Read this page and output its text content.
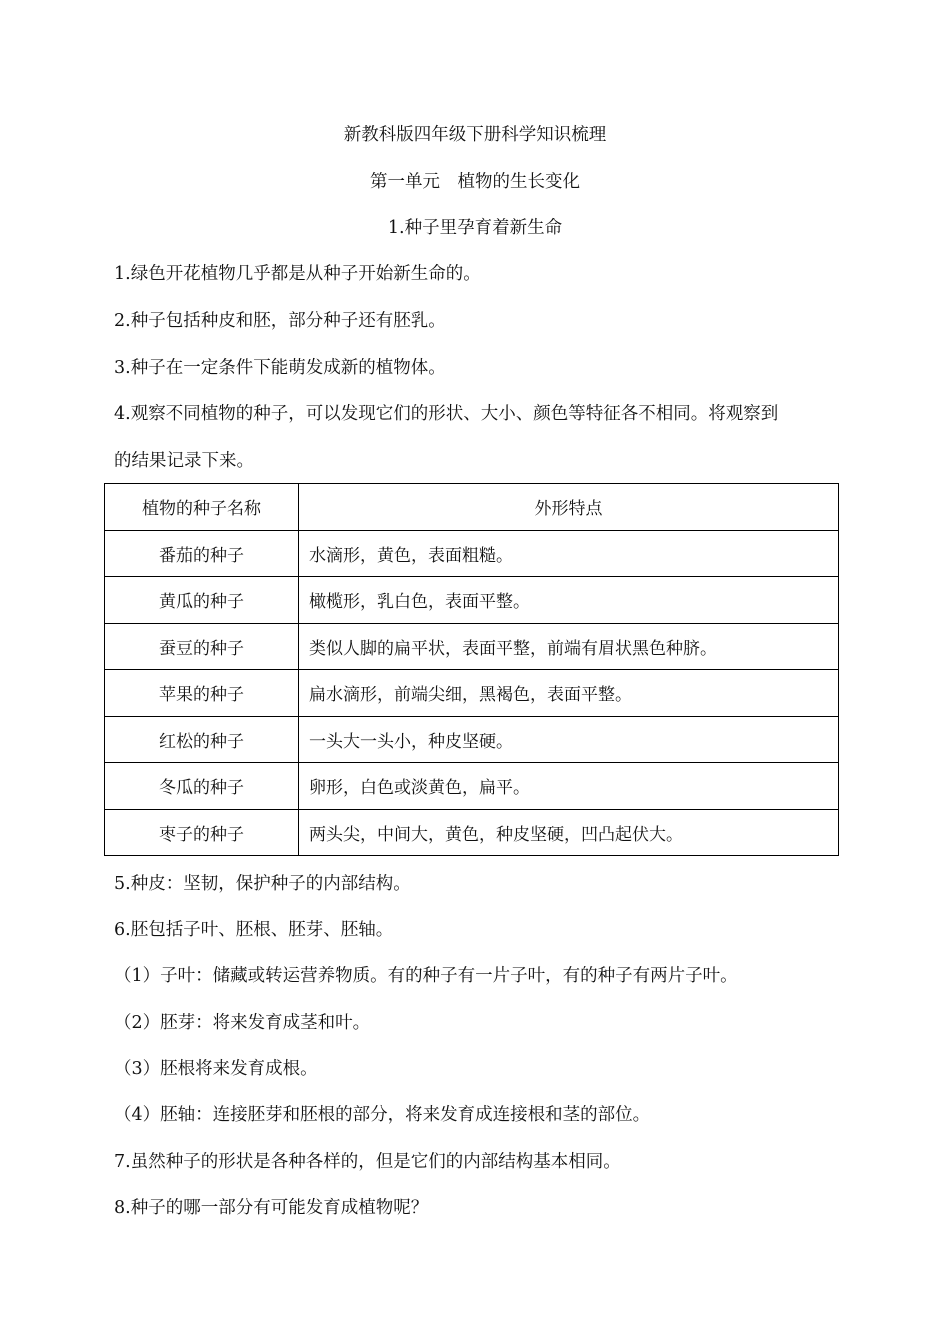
新教科版四年级下册科学知识梳理
第一单元　植物的生长变化
1.种子里孕育着新生命
1.绿色开花植物几乎都是从种子开始新生命的。
2.种子包括种皮和胚，部分种子还有胚乳。
3.种子在一定条件下能萌发成新的植物体。
4.观察不同植物的种子，可以发现它们的形状、大小、颜色等特征各不相同。将观察到
的结果记录下来。
植物的种子名称	外形特点
番茄的种子	水滴形，黄色，表面粗糙。
黄瓜的种子	橄榄形，乳白色，表面平整。
蚕豆的种子	类似人脚的扁平状，表面平整，前端有眉状黑色种脐。
苹果的种子	扁水滴形，前端尖细，黑褐色，表面平整。
红松的种子	一头大一头小，种皮坚硬。
冬瓜的种子	卵形，白色或淡黄色，扁平。
枣子的种子	两头尖，中间大，黄色，种皮坚硬，凹凸起伏大。
5.种皮：坚韧，保护种子的内部结构。
6.胚包括子叶、胚根、胚芽、胚轴。
（1）子叶：储藏或转运营养物质。有的种子有一片子叶，有的种子有两片子叶。
（2）胚芽：将来发育成茎和叶。
（3）胚根将来发育成根。
（4）胚轴：连接胚芽和胚根的部分，将来发育成连接根和茎的部位。
7.虽然种子的形状是各种各样的，但是它们的内部结构基本相同。
8.种子的哪一部分有可能发育成植物呢？
